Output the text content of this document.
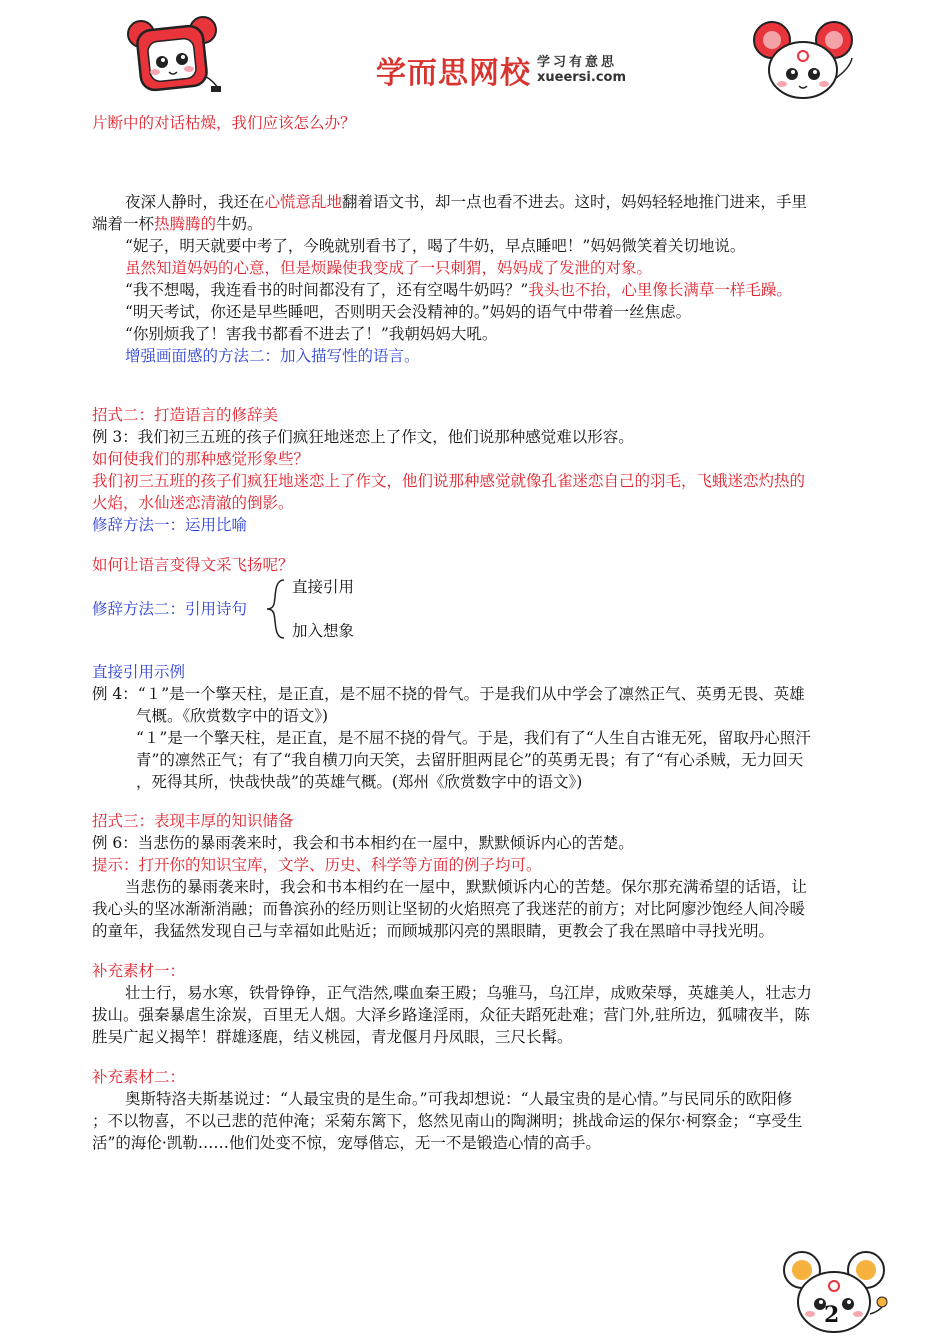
学而思网校 学习有意思
xueersi.com
片断中的对话枯燥，我们应该怎么办？
夜深人静时，我还在心慌意乱地翻着语文书，却一点也看不进去。这时，妈妈轻轻地推门进来，手里
端着一杯热腾腾的牛奶。
“妮子，明天就要中考了，今晚就别看书了，喝了牛奶，早点睡吧！”妈妈微笑着关切地说。
虽然知道妈妈的心意，但是烦躁使我变成了一只刺猬，妈妈成了发泄的对象。
“我不想喝，我连看书的时间都没有了，还有空喝牛奶吗？”我头也不抬，心里像长满草一样毛躁。
“明天考试，你还是早些睡吧，否则明天会没精神的。”妈妈的语气中带着一丝焦虑。
“你别烦我了！害我书都看不进去了！”我朝妈妈大吼。
增强画面感的方法二：加入描写性的语言。
招式二：打造语言的修辞美
例 3：我们初三五班的孩子们疯狂地迷恋上了作文，他们说那种感觉难以形容。
如何使我们的那种感觉形象些？
我们初三五班的孩子们疯狂地迷恋上了作文，他们说那种感觉就像孔雀迷恋自己的羽毛，飞蛾迷恋灼热的
火焰，水仙迷恋清澈的倒影。
修辞方法一：运用比喻
如何让语言变得文采飞扬呢？
修辞方法二：引用诗句
直接引用
加入想象
直接引用示例
例 4：“１”是一个擎天柱，是正直，是不屈不挠的骨气。于是我们从中学会了凛然正气、英勇无畏、英雄
气概。《欣赏数字中的语文》)
“１”是一个擎天柱，是正直，是不屈不挠的骨气。于是，我们有了“人生自古谁无死，留取丹心照汗
青”的凛然正气；有了“我自横刀向天笑，去留肝胆两昆仑”的英勇无畏；有了“有心杀贼，无力回天
，死得其所，快哉快哉”的英雄气概。(郑州《欣赏数字中的语文》)
招式三：表现丰厚的知识储备
例 6：当悲伤的暴雨袭来时，我会和书本相约在一屋中，默默倾诉内心的苦楚。
提示：打开你的知识宝库，文学、历史、科学等方面的例子均可。
当悲伤的暴雨袭来时，我会和书本相约在一屋中，默默倾诉内心的苦楚。保尔那充满希望的话语，让
我心头的坚冰渐渐消融；而鲁滨孙的经历则让坚韧的火焰照亮了我迷茫的前方；对比阿廖沙饱经人间冷暖
的童年，我猛然发现自己与幸福如此贴近；而顾城那闪亮的黑眼睛，更教会了我在黑暗中寻找光明。
补充素材一：
壮士行，易水寒，铁骨铮铮，正气浩然,喋血秦王殿；乌骓马，乌江岸，成败荣辱，英雄美人，壮志力
拔山。强秦暴虐生涂炭，百里无人烟。大泽乡路逢淫雨，众征夫蹈死赴难；营门外,驻所边，狐啸夜半，陈
胜吴广起义揭竿！群雄逐鹿，结义桃园，青龙偃月丹凤眼，三尺长髯。
补充素材二：
奥斯特洛夫斯基说过：“人最宝贵的是生命。”可我却想说：“人最宝贵的是心情。”与民同乐的欧阳修
；不以物喜，不以己悲的范仲淹；采菊东篱下，悠然见南山的陶渊明；挑战命运的保尔·柯察金；“享受生
活”的海伦·凯勒……他们处变不惊，宠辱偕忘，无一不是锻造心情的高手。
2
